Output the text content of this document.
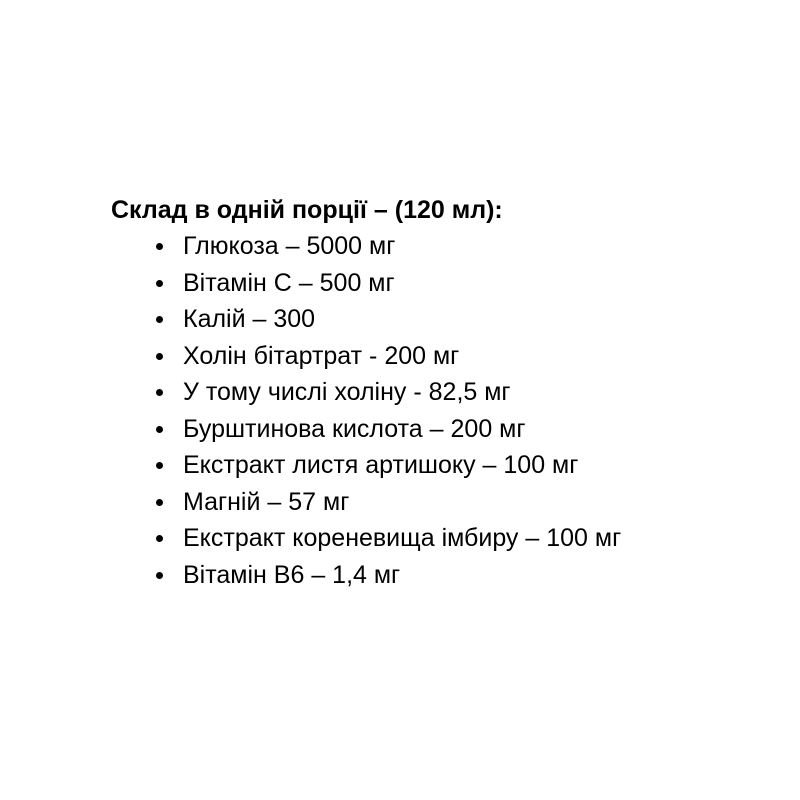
Склад в одній порції – (120 мл):
Глюкоза – 5000 мг
Вітамін С – 500 мг
Калій – 300
Холін бітартрат - 200 мг
У тому числі холіну - 82,5 мг
Бурштинова кислота – 200 мг
Екстракт листя артишоку – 100 мг
Магній – 57 мг
Екстракт кореневища імбиру – 100 мг
Вітамін В6 – 1,4 мг
